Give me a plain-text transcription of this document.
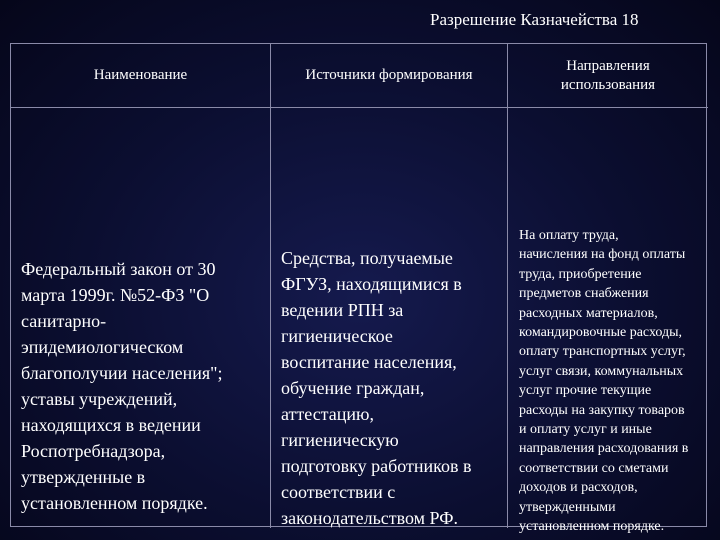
Разрешение Казначейства 18
Наименование	Источники формирования
Направления
использования
Федеральный закон от 30
марта 1999г. №52-ФЗ "О
санитарно-
эпидемиологическом
благополучии населения";
уставы учреждений,
находящихся в ведении
Роспотребнадзора,
утвержденные в
установленном порядке.
Средства, получаемые
ФГУЗ, находящимися в
ведении РПН за
гигиеническое
воспитание населения,
обучение граждан,
аттестацию,
гигиеническую
подготовку работников в
соответствии с
законодательством РФ.
На оплату труда,
начисления на фонд оплаты
труда, приобретение
предметов снабжения
расходных материалов,
командировочные расходы,
оплату транспортных услуг,
услуг связи, коммунальных
услуг прочие текущие
расходы на закупку товаров
и оплату услуг и иные
направления расходования в
соответствии со сметами
доходов и расходов,
утвержденными
установленном порядке.
